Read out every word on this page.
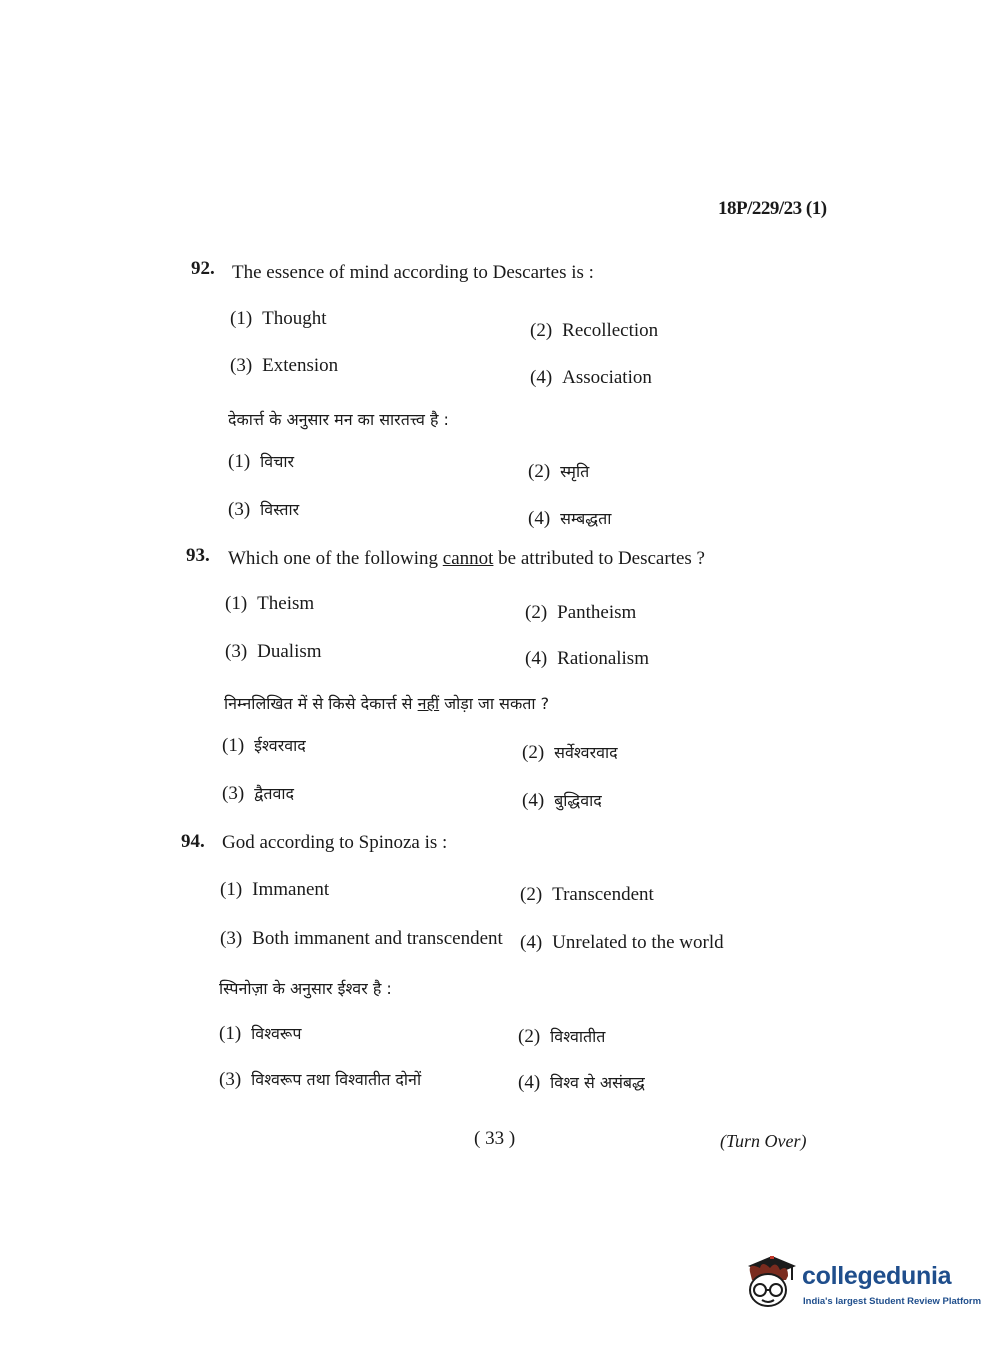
18P/229/23 (1)
92. The essence of mind according to Descartes is :
(1) Thought
(2) Recollection
(3) Extension
(4) Association
देकार्त्त के अनुसार मन का सारतत्त्व है :
(1) विचार	(2) स्मृति
(3) विस्तार	(4) सम्बद्धता
93. Which one of the following cannot be attributed to Descartes ?
(1) Theism	(2) Pantheism
(3) Dualism	(4) Rationalism
निम्नलिखित में से किसे देकार्त्त से नहीं जोड़ा जा सकता ?
(1) ईश्वरवाद	(2) सर्वेश्वरवाद
(3) द्वैतवाद	(4) बुद्धिवाद
94. God according to Spinoza is :
(1) Immanent	(2) Transcendent
(3) Both immanent and transcendent (4) Unrelated to the world
स्पिनोज़ा के अनुसार ईश्वर है :
(1) विश्वरूप	(2) विश्वातीत
(3) विश्वरूप तथा विश्वातीत दोनों	(4) विश्व से असंबद्ध
( 33 )	(Turn Over)
collegedunia
India's largest Student Review Platform
